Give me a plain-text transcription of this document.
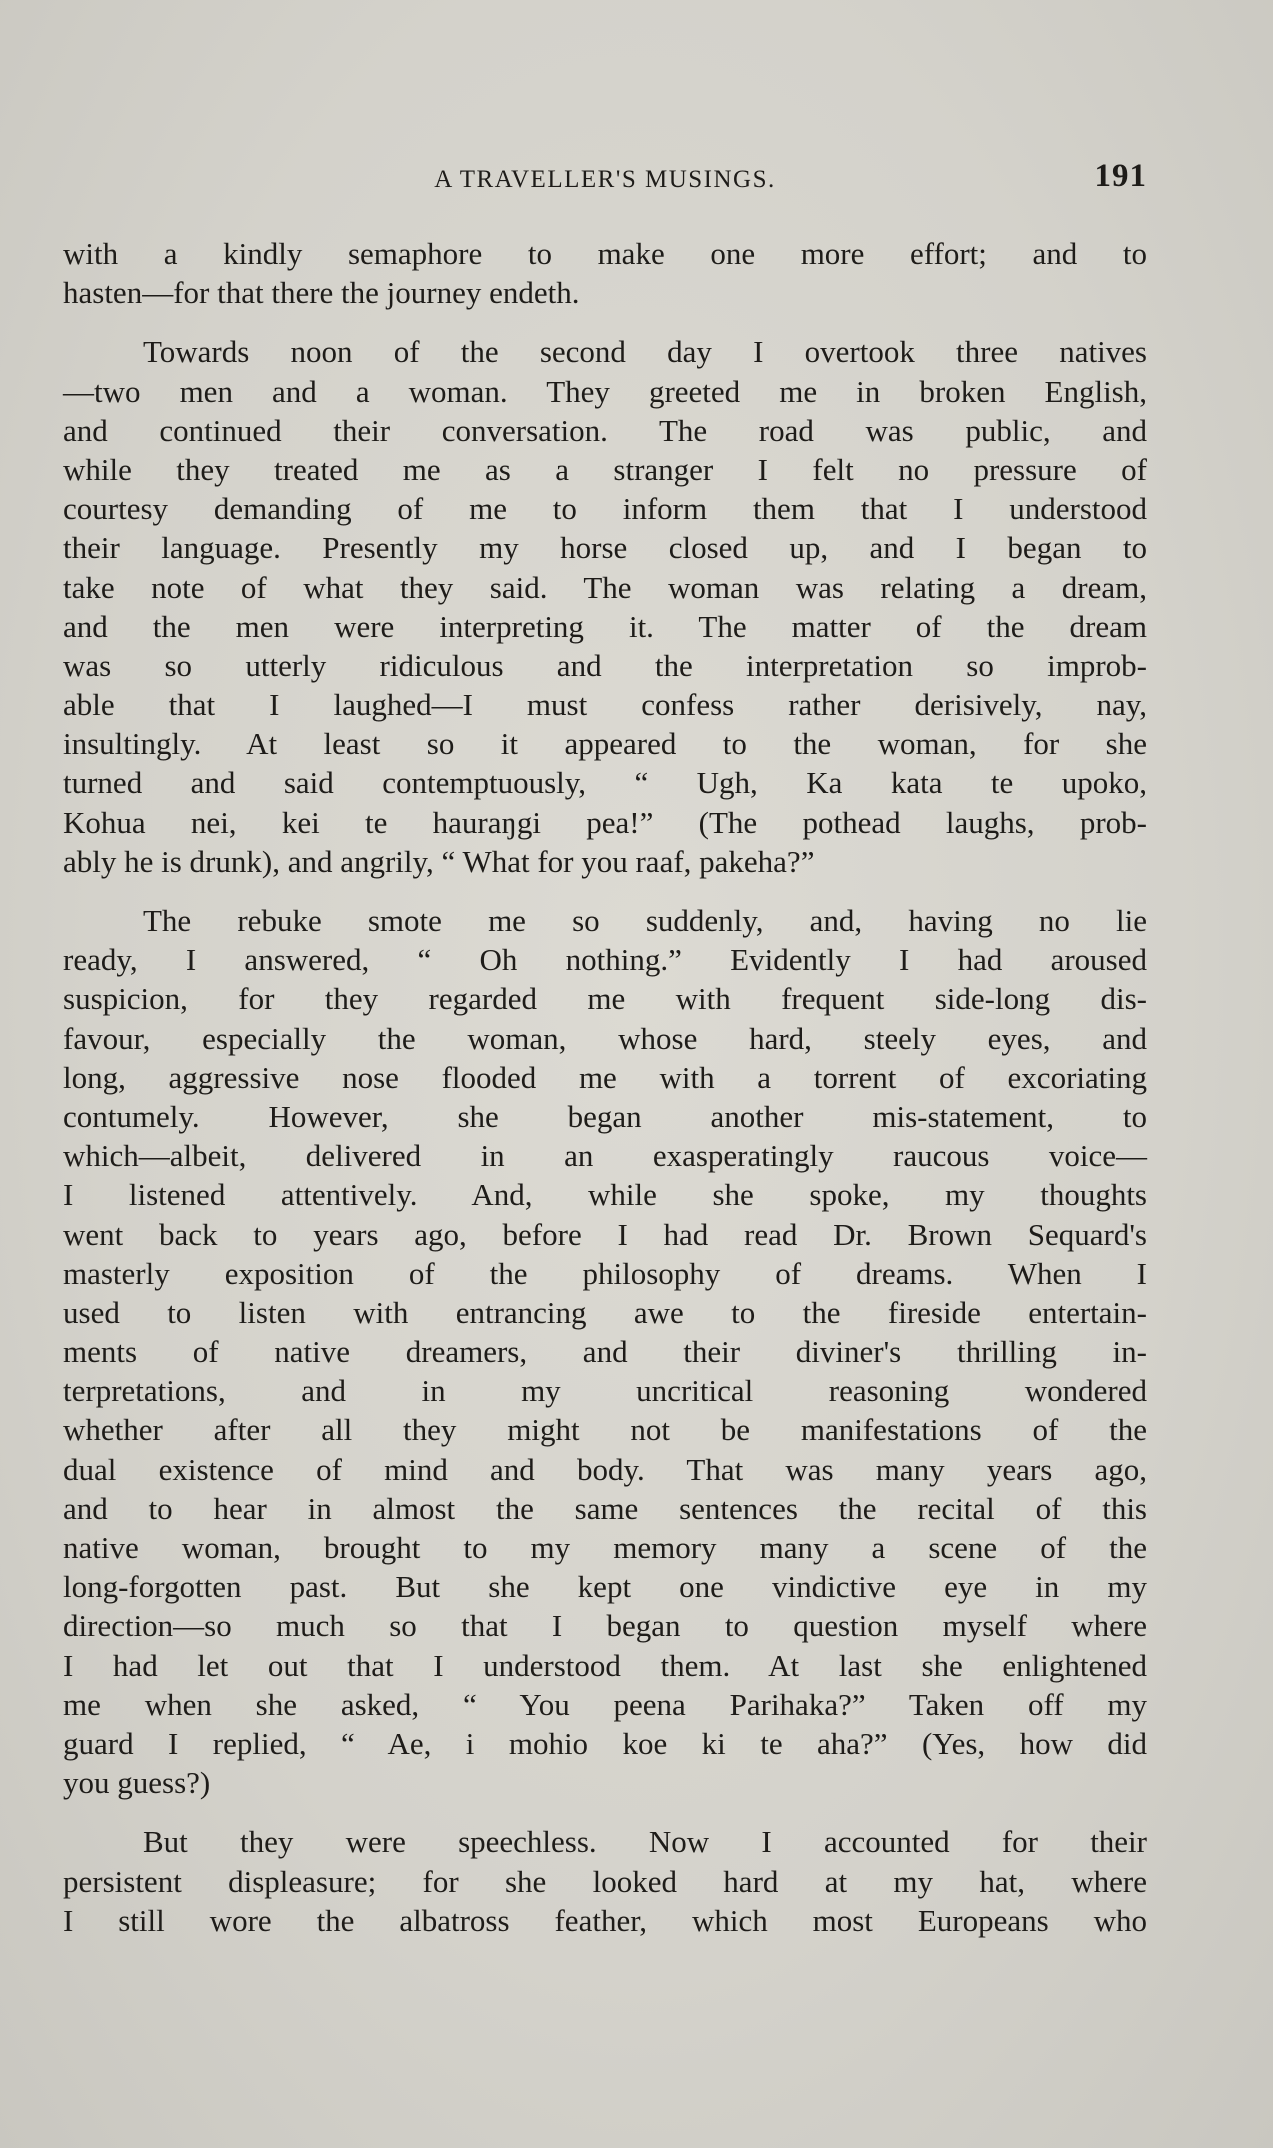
A TRAVELLER'S MUSINGS.	191
with a kindly semaphore to make one more effort; and to
hasten—for that there the journey endeth.
Towards noon of the second day I overtook three natives
—two men and a woman. They greeted me in broken English,
and continued their conversation. The road was public, and
while they treated me as a stranger I felt no pressure of
courtesy demanding of me to inform them that I understood
their language. Presently my horse closed up, and I began to
take note of what they said. The woman was relating a dream,
and the men were interpreting it. The matter of the dream
was so utterly ridiculous and the interpretation so improb-
able that I laughed—I must confess rather derisively, nay,
insultingly. At least so it appeared to the woman, for she
turned and said contemptuously, “ Ugh, Ka kata te upoko,
Kohua nei, kei te hauraŋgi pea!” (The pothead laughs, prob-
ably he is drunk), and angrily, “ What for you raaf, pakeha?”
The rebuke smote me so suddenly, and, having no lie
ready, I answered, “ Oh nothing.” Evidently I had aroused
suspicion, for they regarded me with frequent side-long dis-
favour, especially the woman, whose hard, steely eyes, and
long, aggressive nose flooded me with a torrent of excoriating
contumely. However, she began another mis-statement, to
which—albeit, delivered in an exasperatingly raucous voice—
I listened attentively. And, while she spoke, my thoughts
went back to years ago, before I had read Dr. Brown Sequard's
masterly exposition of the philosophy of dreams. When I
used to listen with entrancing awe to the fireside entertain-
ments of native dreamers, and their diviner's thrilling in-
terpretations, and in my uncritical reasoning wondered
whether after all they might not be manifestations of the
dual existence of mind and body. That was many years ago,
and to hear in almost the same sentences the recital of this
native woman, brought to my memory many a scene of the
long-forgotten past. But she kept one vindictive eye in my
direction—so much so that I began to question myself where
I had let out that I understood them. At last she enlightened
me when she asked, “ You peena Parihaka?” Taken off my
guard I replied, “ Ae, i mohio koe ki te aha?” (Yes, how did
you guess?)
But they were speechless. Now I accounted for their
persistent displeasure; for she looked hard at my hat, where
I still wore the albatross feather, which most Europeans who
